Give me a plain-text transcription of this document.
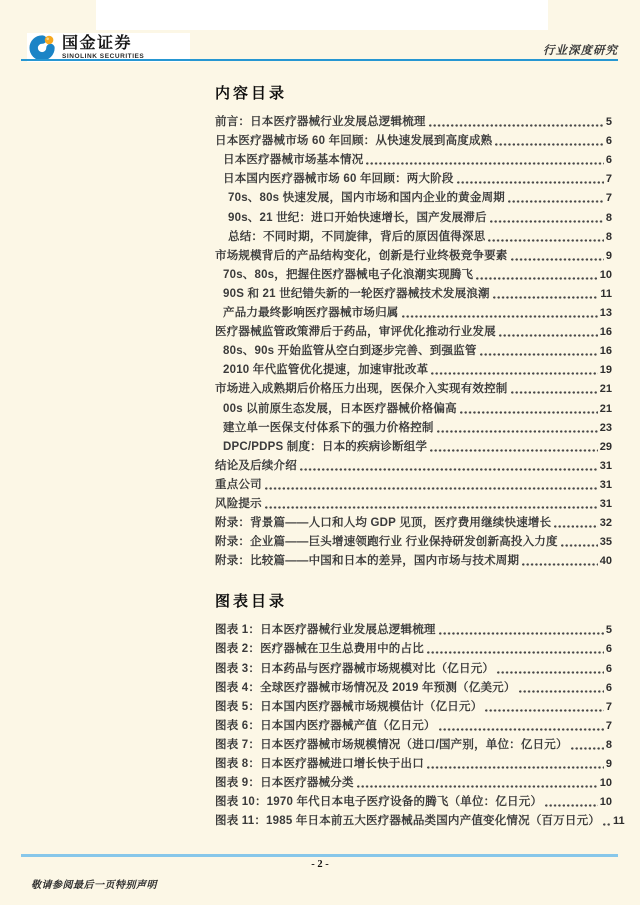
国金证券
SINOLINK SECURITIES	行业深度研究
内容目录
前言：日本医疗器械行业发展总逻辑梳理	5
日本医疗器械市场 60 年回顾：从快速发展到高度成熟	6
日本医疗器械市场基本情况	6
日本国内医疗器械市场 60 年回顾：两大阶段	7
70s、80s 快速发展，国内市场和国内企业的黄金周期	7
90s、21 世纪：进口开始快速增长，国产发展滞后	8
总结：不同时期，不同旋律，背后的原因值得深思	8
市场规模背后的产品结构变化，创新是行业终极竞争要素	9
70s、80s，把握住医疗器械电子化浪潮实现腾飞	10
90S 和 21 世纪错失新的一轮医疗器械技术发展浪潮	11
产品力最终影响医疗器械市场归属	13
医疗器械监管政策滞后于药品，审评优化推动行业发展	16
80s、90s 开始监管从空白到逐步完善、到强监管	16
2010 年代监管优化提速，加速审批改革	19
市场进入成熟期后价格压力出现，医保介入实现有效控制	21
00s 以前原生态发展，日本医疗器械价格偏高	21
建立单一医保支付体系下的强力价格控制	23
DPC/PDPS 制度：日本的疾病诊断组学	29
结论及后续介绍	31
重点公司	31
风险提示	31
附录：背景篇——人口和人均 GDP 见顶，医疗费用继续快速增长	32
附录：企业篇——巨头增速领跑行业 行业保持研发创新高投入力度	35
附录：比较篇——中国和日本的差异，国内市场与技术周期	40
图表目录
图表 1：日本医疗器械行业发展总逻辑梳理	5
图表 2：医疗器械在卫生总费用中的占比	6
图表 3：日本药品与医疗器械市场规模对比（亿日元）	6
图表 4：全球医疗器械市场情况及 2019 年预测（亿美元）	6
图表 5：日本国内医疗器械市场规模估计（亿日元）	7
图表 6：日本国内医疗器械产值（亿日元）	7
图表 7：日本医疗器械市场规模情况（进口/国产别，单位：亿日元）	8
图表 8：日本医疗器械进口增长快于出口	9
图表 9：日本医疗器械分类	10
图表 10：1970 年代日本电子医疗设备的腾飞（单位：亿日元）	10
图表 11：1985 年日本前五大医疗器械品类国内产值变化情况（百万日元） 11
- 2 -
敬请参阅最后一页特别声明
